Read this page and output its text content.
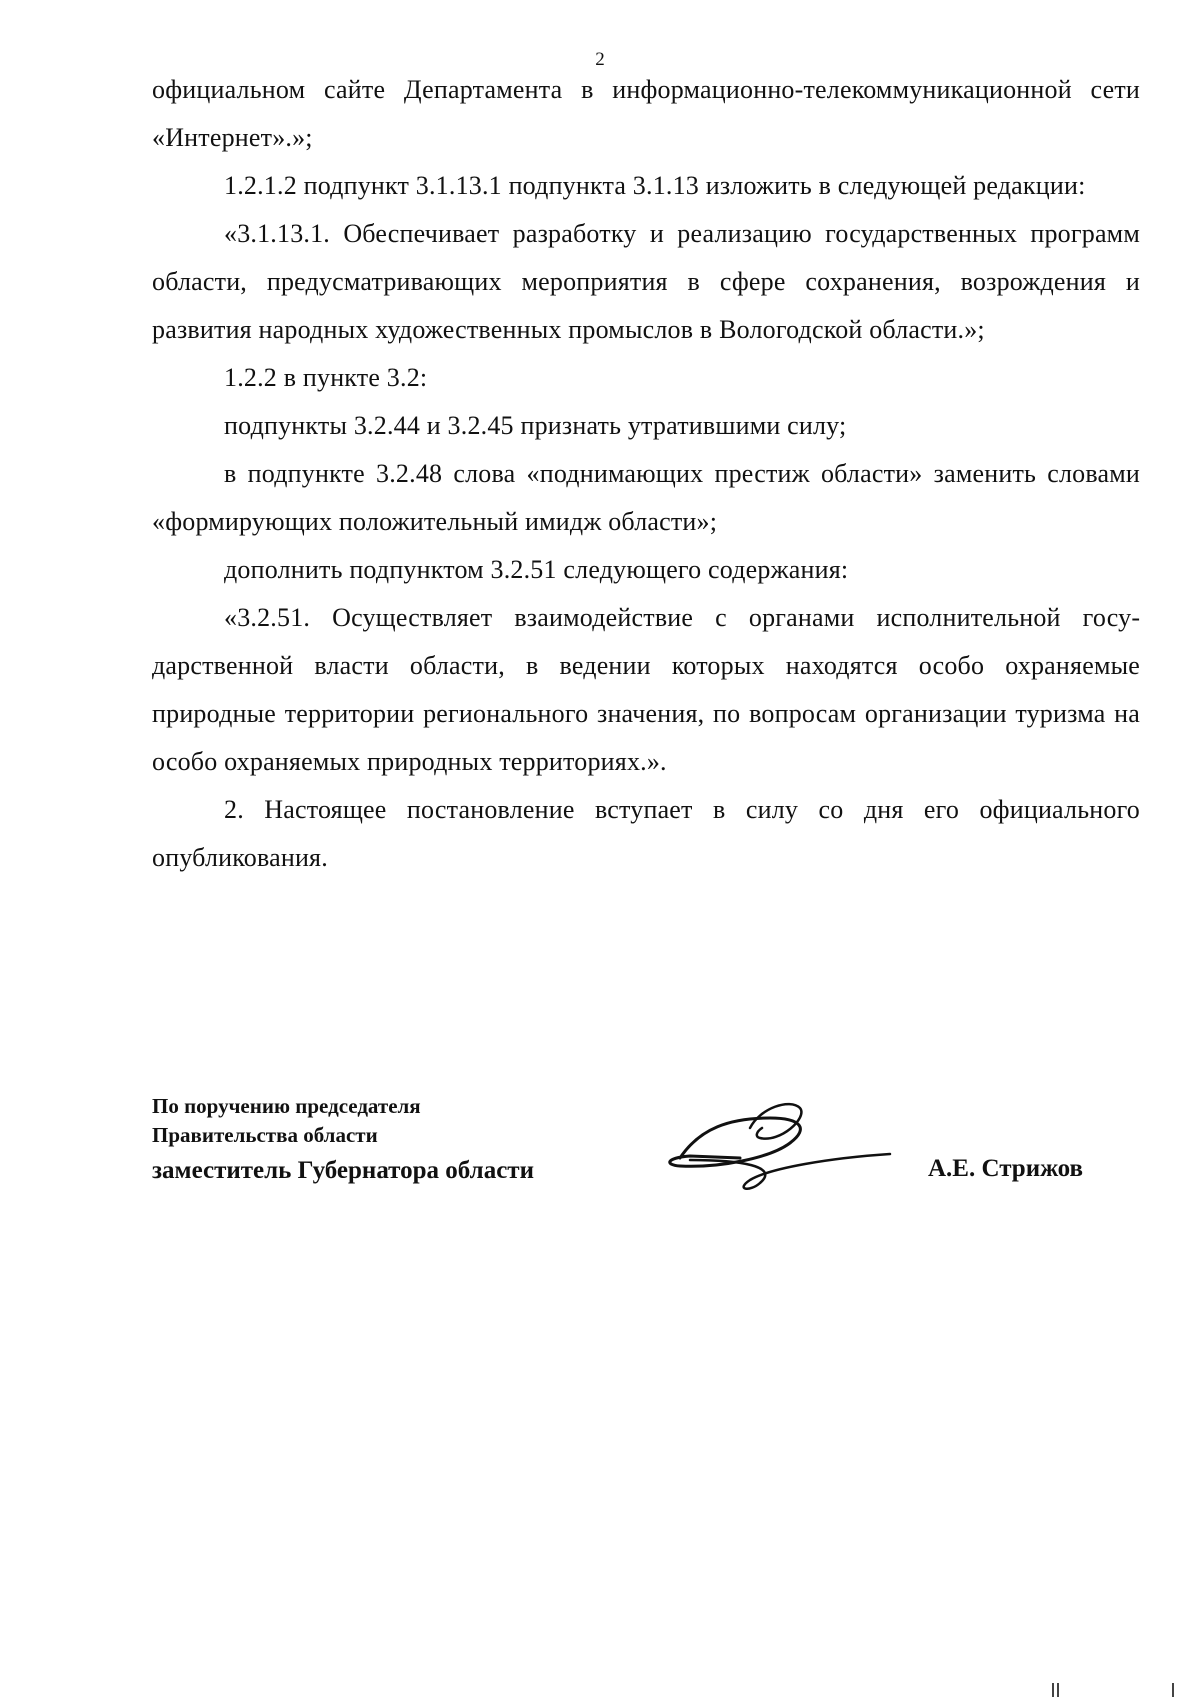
2

официальном сайте Департамента в информационно-телекоммуникационной сети «Интернет».»;

1.2.1.2 подпункт 3.1.13.1 подпункта 3.1.13 изложить в следующей редакции:

«3.1.13.1. Обеспечивает разработку и реализацию государственных программ области, предусматривающих мероприятия в сфере сохранения, возрождения и развития народных художественных промыслов в Вологодской области.»;

1.2.2 в пункте 3.2:

подпункты 3.2.44 и 3.2.45 признать утратившими силу;

в подпункте 3.2.48 слова «поднимающих престиж области» заменить словами «формирующих положительный имидж области»;

дополнить подпунктом 3.2.51 следующего содержания:

«3.2.51. Осуществляет взаимодействие с органами исполнительной государственной власти области, в ведении которых находятся особо охраняемые природные территории регионального значения, по вопросам организации туризма на особо охраняемых природных территориях.».

2. Настоящее постановление вступает в силу со дня его официального опубликования.

По поручению председателя
Правительства области
заместитель Губернатора области	А.Е. Стрижов
